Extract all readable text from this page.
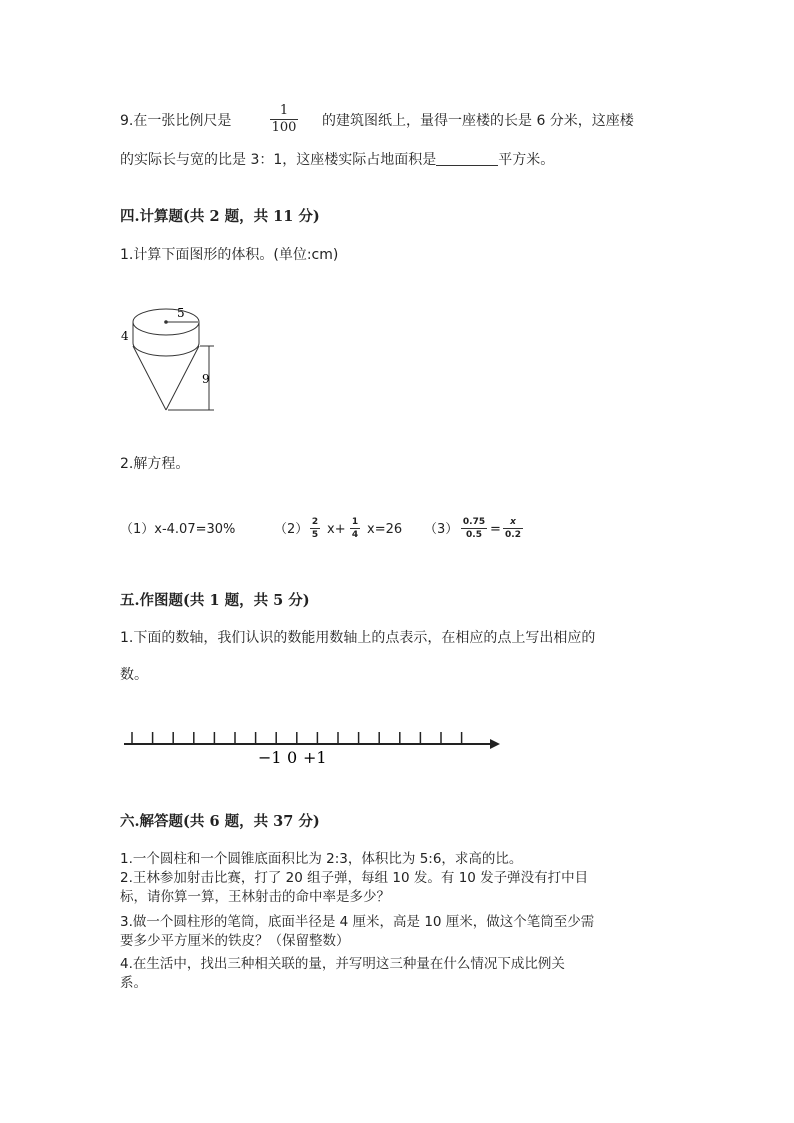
9.在一张比例尺是
1
100 的建筑图纸上，量得一座楼的长是 6 分米，这座楼
的实际长与宽的比是 3：1，这座楼实际占地面积是	平方米。
四.计算题(共 2 题，共 11 分)
1.计算下面图形的体积。(单位:cm)
5
4
9
2.解方程。
（1）x-4.07=30%	（2） 2
5 x+ 1
4 x=26 （3） 0.75
0.5 =	x
0.2
五.作图题(共 1 题，共 5 分)
1.下面的数轴，我们认识的数能用数轴上的点表示，在相应的点上写出相应的
数。
−1 0 +1
六.解答题(共 6 题，共 37 分)
1.一个圆柱和一个圆锥底面积比为 2:3，体积比为 5:6，求高的比。
2.王林参加射击比赛，打了 20 组子弹，每组 10 发。有 10 发子弹没有打中目
标，请你算一算，王林射击的命中率是多少？
3.做一个圆柱形的笔筒，底面半径是 4 厘米，高是 10 厘米，做这个笔筒至少需
要多少平方厘米的铁皮？（保留整数）
4.在生活中，找出三种相关联的量，并写明这三种量在什么情况下成比例关
系。
